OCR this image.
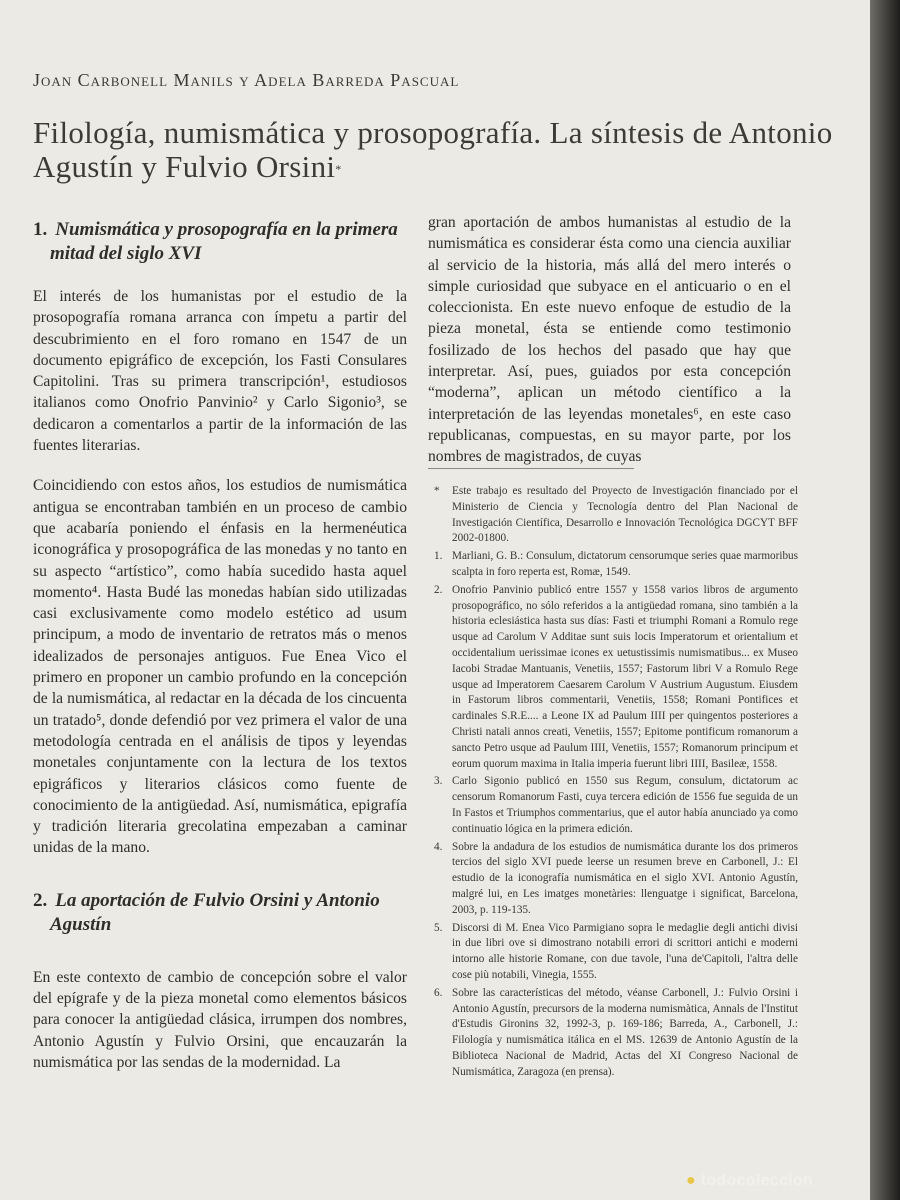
Joan Carbonell Manils y Adela Barreda Pascual
Filología, numismática y prosopografía. La síntesis de Antonio Agustín y Fulvio Orsini*
1. Numismática y prosopografía en la primera
mitad del siglo XVI

El interés de los humanistas por el estudio de la prosopografía romana arranca con ímpetu a partir del descubrimiento en el foro romano en 1547 de un documento epigráfico de excepción, los Fasti Consulares Capitolini. Tras su primera transcripción¹, estudiosos italianos como Onofrio Panvinio² y Carlo Sigonio³, se dedicaron a comentarlos a partir de la información de las fuentes literarias.

Coincidiendo con estos años, los estudios de numismática antigua se encontraban también en un proceso de cambio que acabaría poniendo el énfasis en la hermenéutica iconográfica y prosopográfica de las monedas y no tanto en su aspecto “artístico”, como había sucedido hasta aquel momento⁴. Hasta Budé las monedas habían sido utilizadas casi exclusivamente como modelo estético ad usum principum, a modo de inventario de retratos más o menos idealizados de personajes antiguos. Fue Enea Vico el primero en proponer un cambio profundo en la concepción de la numismática, al redactar en la década de los cincuenta un tratado⁵, donde defendió por vez primera el valor de una metodología centrada en el análisis de tipos y leyendas monetales conjuntamente con la lectura de los textos epigráficos y literarios clásicos como fuente de conocimiento de la antigüedad. Así, numismática, epigrafía y tradición literaria grecolatina empezaban a caminar unidas de la mano.

2. La aportación de Fulvio Orsini y Antonio
Agustín

En este contexto de cambio de concepción sobre el valor del epígrafe y de la pieza monetal como elementos básicos para conocer la antigüedad clásica, irrumpen dos nombres, Antonio Agustín y Fulvio Orsini, que encauzarán la numismática por las sendas de la modernidad. La

gran aportación de ambos humanistas al estudio de la numismática es considerar ésta como una ciencia auxiliar al servicio de la historia, más allá del mero interés o simple curiosidad que subyace en el anticuario o en el coleccionista. En este nuevo enfoque de estudio de la pieza monetal, ésta se entiende como testimonio fosilizado de los hechos del pasado que hay que interpretar. Así, pues, guiados por esta concepción “moderna”, aplican un método científico a la interpretación de las leyendas monetales⁶, en este caso republicanas, compuestas, en su mayor parte, por los nombres de magistrados, de cuyas

* Este trabajo es resultado del Proyecto de Investigación financiado por el Ministerio de Ciencia y Tecnología dentro del Plan Nacional de Investigación Científica, Desarrollo e Innovación Tecnológica DGCYT BFF 2002-01800.
1. Marliani, G. B.: Consulum, dictatorum censorumque series quae marmoribus scalpta in foro reperta est, Romæ, 1549.
2. Onofrio Panvinio publicó entre 1557 y 1558 varios libros de argumento prosopográfico, no sólo referidos a la antigüedad romana, sino también a la historia eclesiástica hasta sus días: Fasti et triumphi Romani a Romulo rege usque ad Carolum V Additae sunt suis locis Imperatorum et orientalium et occidentalium uerissimae icones ex uetustissimis numismatibus... ex Museo Iacobi Stradae Mantuanis, Venetiis, 1557; Fastorum libri V a Romulo Rege usque ad Imperatorem Caesarem Carolum V Austrium Augustum. Eiusdem in Fastorum libros commentarii, Venetiis, 1558; Romani Pontifices et cardinales S.R.E.... a Leone IX ad Paulum IIII per quingentos posteriores a Christi natali annos creati, Venetiis, 1557; Epitome pontificum romanorum a sancto Petro usque ad Paulum IIII, Venetiis, 1557; Romanorum principum et eorum quorum maxima in Italia imperia fuerunt libri IIII, Basileæ, 1558.
3. Carlo Sigonio publicó en 1550 sus Regum, consulum, dictatorum ac censorum Romanorum Fasti, cuya tercera edición de 1556 fue seguida de un In Fastos et Triumphos commentarius, que el autor había anunciado ya como continuatio lógica en la primera edición.
4. Sobre la andadura de los estudios de numismática durante los dos primeros tercios del siglo XVI puede leerse un resumen breve en Carbonell, J.: El estudio de la iconografía numismática en el siglo XVI. Antonio Agustín, malgré lui, en Les imatges monetàries: llenguatge i significat, Barcelona, 2003, p. 119-135.
5. Discorsi di M. Enea Vico Parmigiano sopra le medaglie degli antichi divisi in due libri ove si dimostrano notabili errori di scrittori antichi e moderni intorno alle historie Romane, con due tavole, l'una de'Capitoli, l'altra delle cose più notabili, Vinegia, 1555.
6. Sobre las características del método, véanse Carbonell, J.: Fulvio Orsini i Antonio Agustín, precursors de la moderna numismàtica, Annals de l'Institut d'Estudis Gironins 32, 1992-3, p. 169-186; Barreda, A., Carbonell, J.: Filología y numismática itálica en el MS. 12639 de Antonio Agustín de la Biblioteca Nacional de Madrid, Actas del XI Congreso Nacional de Numismática, Zaragoza (en prensa).
● todocoleccion
